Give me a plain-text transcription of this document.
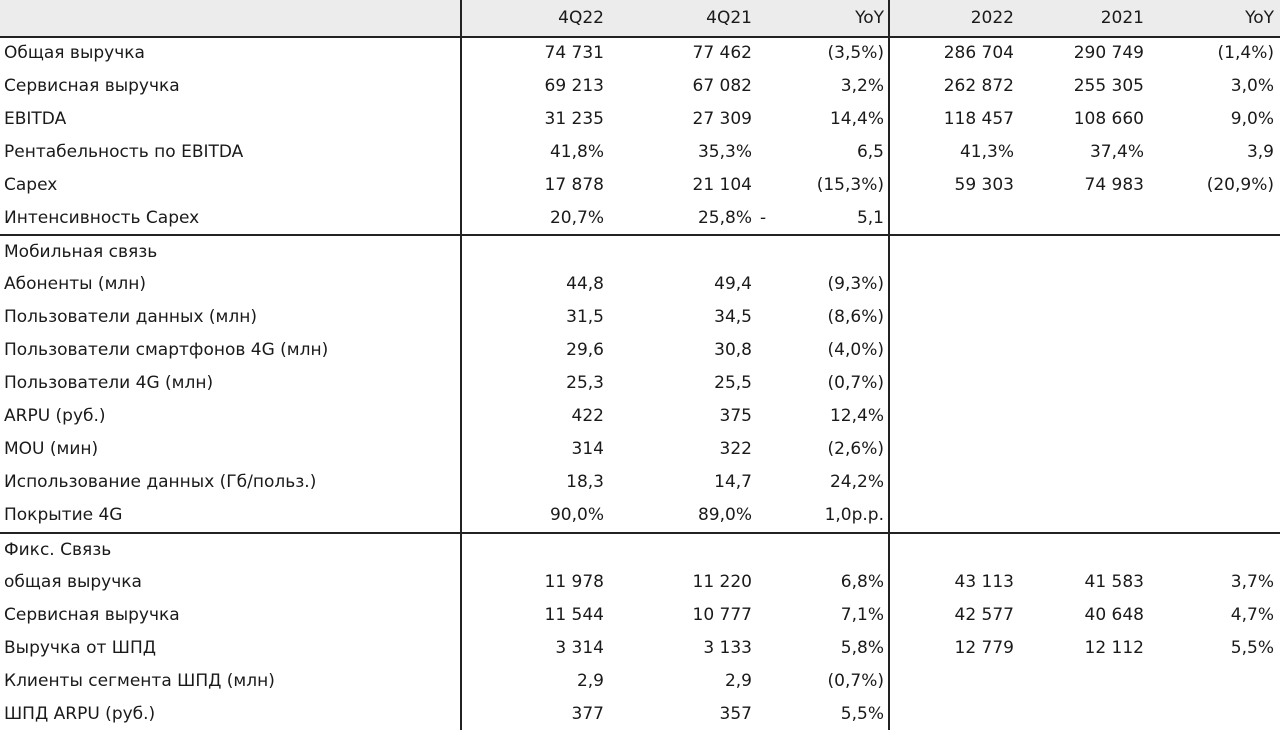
4Q22	4Q21	YoY	2022	2021	YoY
Общая выручка	74 731	77 462	(3,5%)	286 704	290 749	(1,4%)
Сервисная выручка	69 213	67 082	3,2%	262 872	255 305	3,0%
EBITDA	31 235	27 309	14,4%	118 457	108 660	9,0%
Рентабельность по EBITDA	41,8%	35,3%	6,5	41,3%	37,4%	3,9
Capex	17 878	21 104	(15,3%)	59 303	74 983	(20,9%)
Интенсивность Capex	20,7%	25,8%	5,1
-
Мобильная связь
Абоненты (млн)	44,8	49,4	(9,3%)
Пользователи данных (млн)	31,5	34,5	(8,6%)
Пользователи смартфонов 4G (млн)	29,6	30,8	(4,0%)
Пользователи 4G (млн)	25,3	25,5	(0,7%)
ARPU (руб.)	422	375	12,4%
MOU (мин)	314	322	(2,6%)
Использование данных (Гб/польз.)	18,3	14,7	24,2%
Покрытие 4G	90,0%	89,0%	1,0p.p.
Фикс. Связь
общая выручка	11 978	11 220	6,8%	43 113	41 583	3,7%
Сервисная выручка	11 544	10 777	7,1%	42 577	40 648	4,7%
Выручка от ШПД	3 314	3 133	5,8%	12 779	12 112	5,5%
Клиенты сегмента ШПД (млн)	2,9	2,9	(0,7%)
ШПД ARPU (руб.)	377	357	5,5%
